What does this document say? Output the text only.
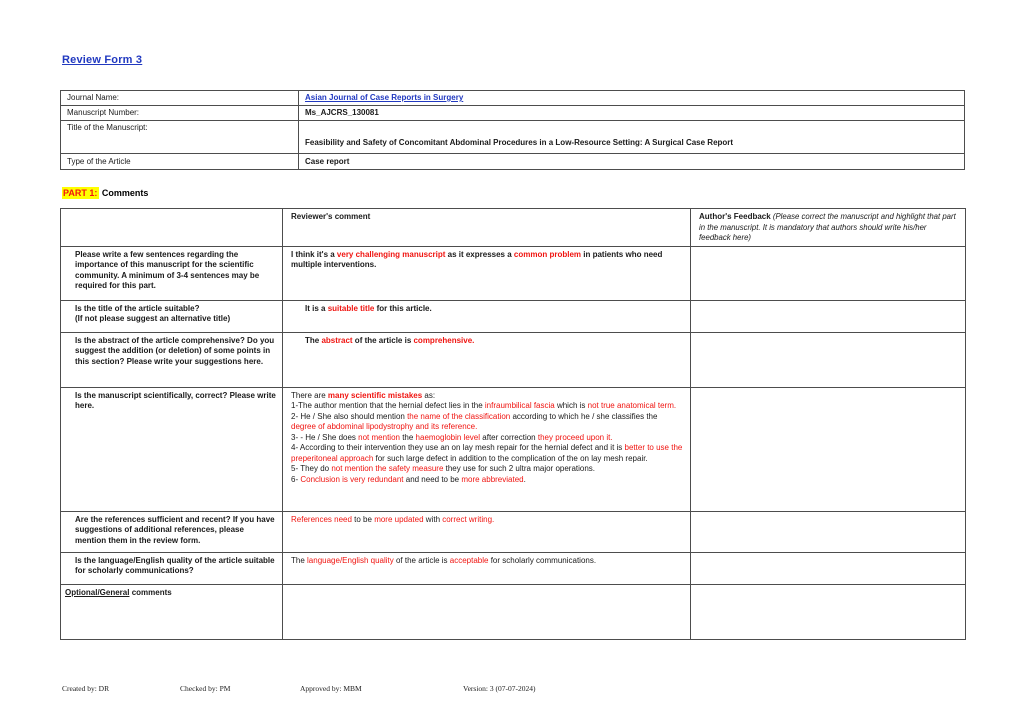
Review Form 3
Journal Name:	Asian Journal of Case Reports in Surgery
Manuscript Number:	Ms_AJCRS_130081
Title of the Manuscript:	Feasibility and Safety of Concomitant Abdominal Procedures in a Low-Resource Setting: A Surgical Case Report
Type of the Article	Case report
PART 1: Comments
	Reviewer's comment	Author's Feedback (Please correct the manuscript and highlight that part in the manuscript. It is mandatory that authors should write his/her feedback here)
Please write a few sentences regarding the importance of this manuscript for the scientific community. A minimum of 3-4 sentences may be required for this part.	I think it's a very challenging manuscript as it expresses a common problem in patients who need multiple interventions.	
Is the title of the article suitable?
(If not please suggest an alternative title)	It is a suitable title for this article.	
Is the abstract of the article comprehensive? Do you suggest the addition (or deletion) of some points in this section? Please write your suggestions here.	The abstract of the article is comprehensive.	
Is the manuscript scientifically, correct? Please write here.	There are many scientific mistakes as:
1-The author mention that the hernial defect lies in the infraumbilical fascia which is not true anatomical term.
2- He / She also should mention the name of the classification according to which he / she classifies the degree of abdominal lipodystrophy and its reference.
3- - He / She does not mention the haemoglobin level after correction they proceed upon it.
4- According to their intervention they use an on lay mesh repair for the hernial defect and it is better to use the preperitoneal approach for such large defect in addition to the complication of the on lay mesh repair.
5- They do not mention the safety measure they use for such 2 ultra major operations.
6- Conclusion is very redundant and need to be more abbreviated.	
Are the references sufficient and recent? If you have suggestions of additional references, please mention them in the review form.	References need to be more updated with correct writing.	
Is the language/English quality of the article suitable for scholarly communications?	The language/English quality of the article is acceptable for scholarly communications.	
Optional/General comments		
Created by: DR	Checked by: PM	Approved by: MBM	Version: 3 (07-07-2024)
